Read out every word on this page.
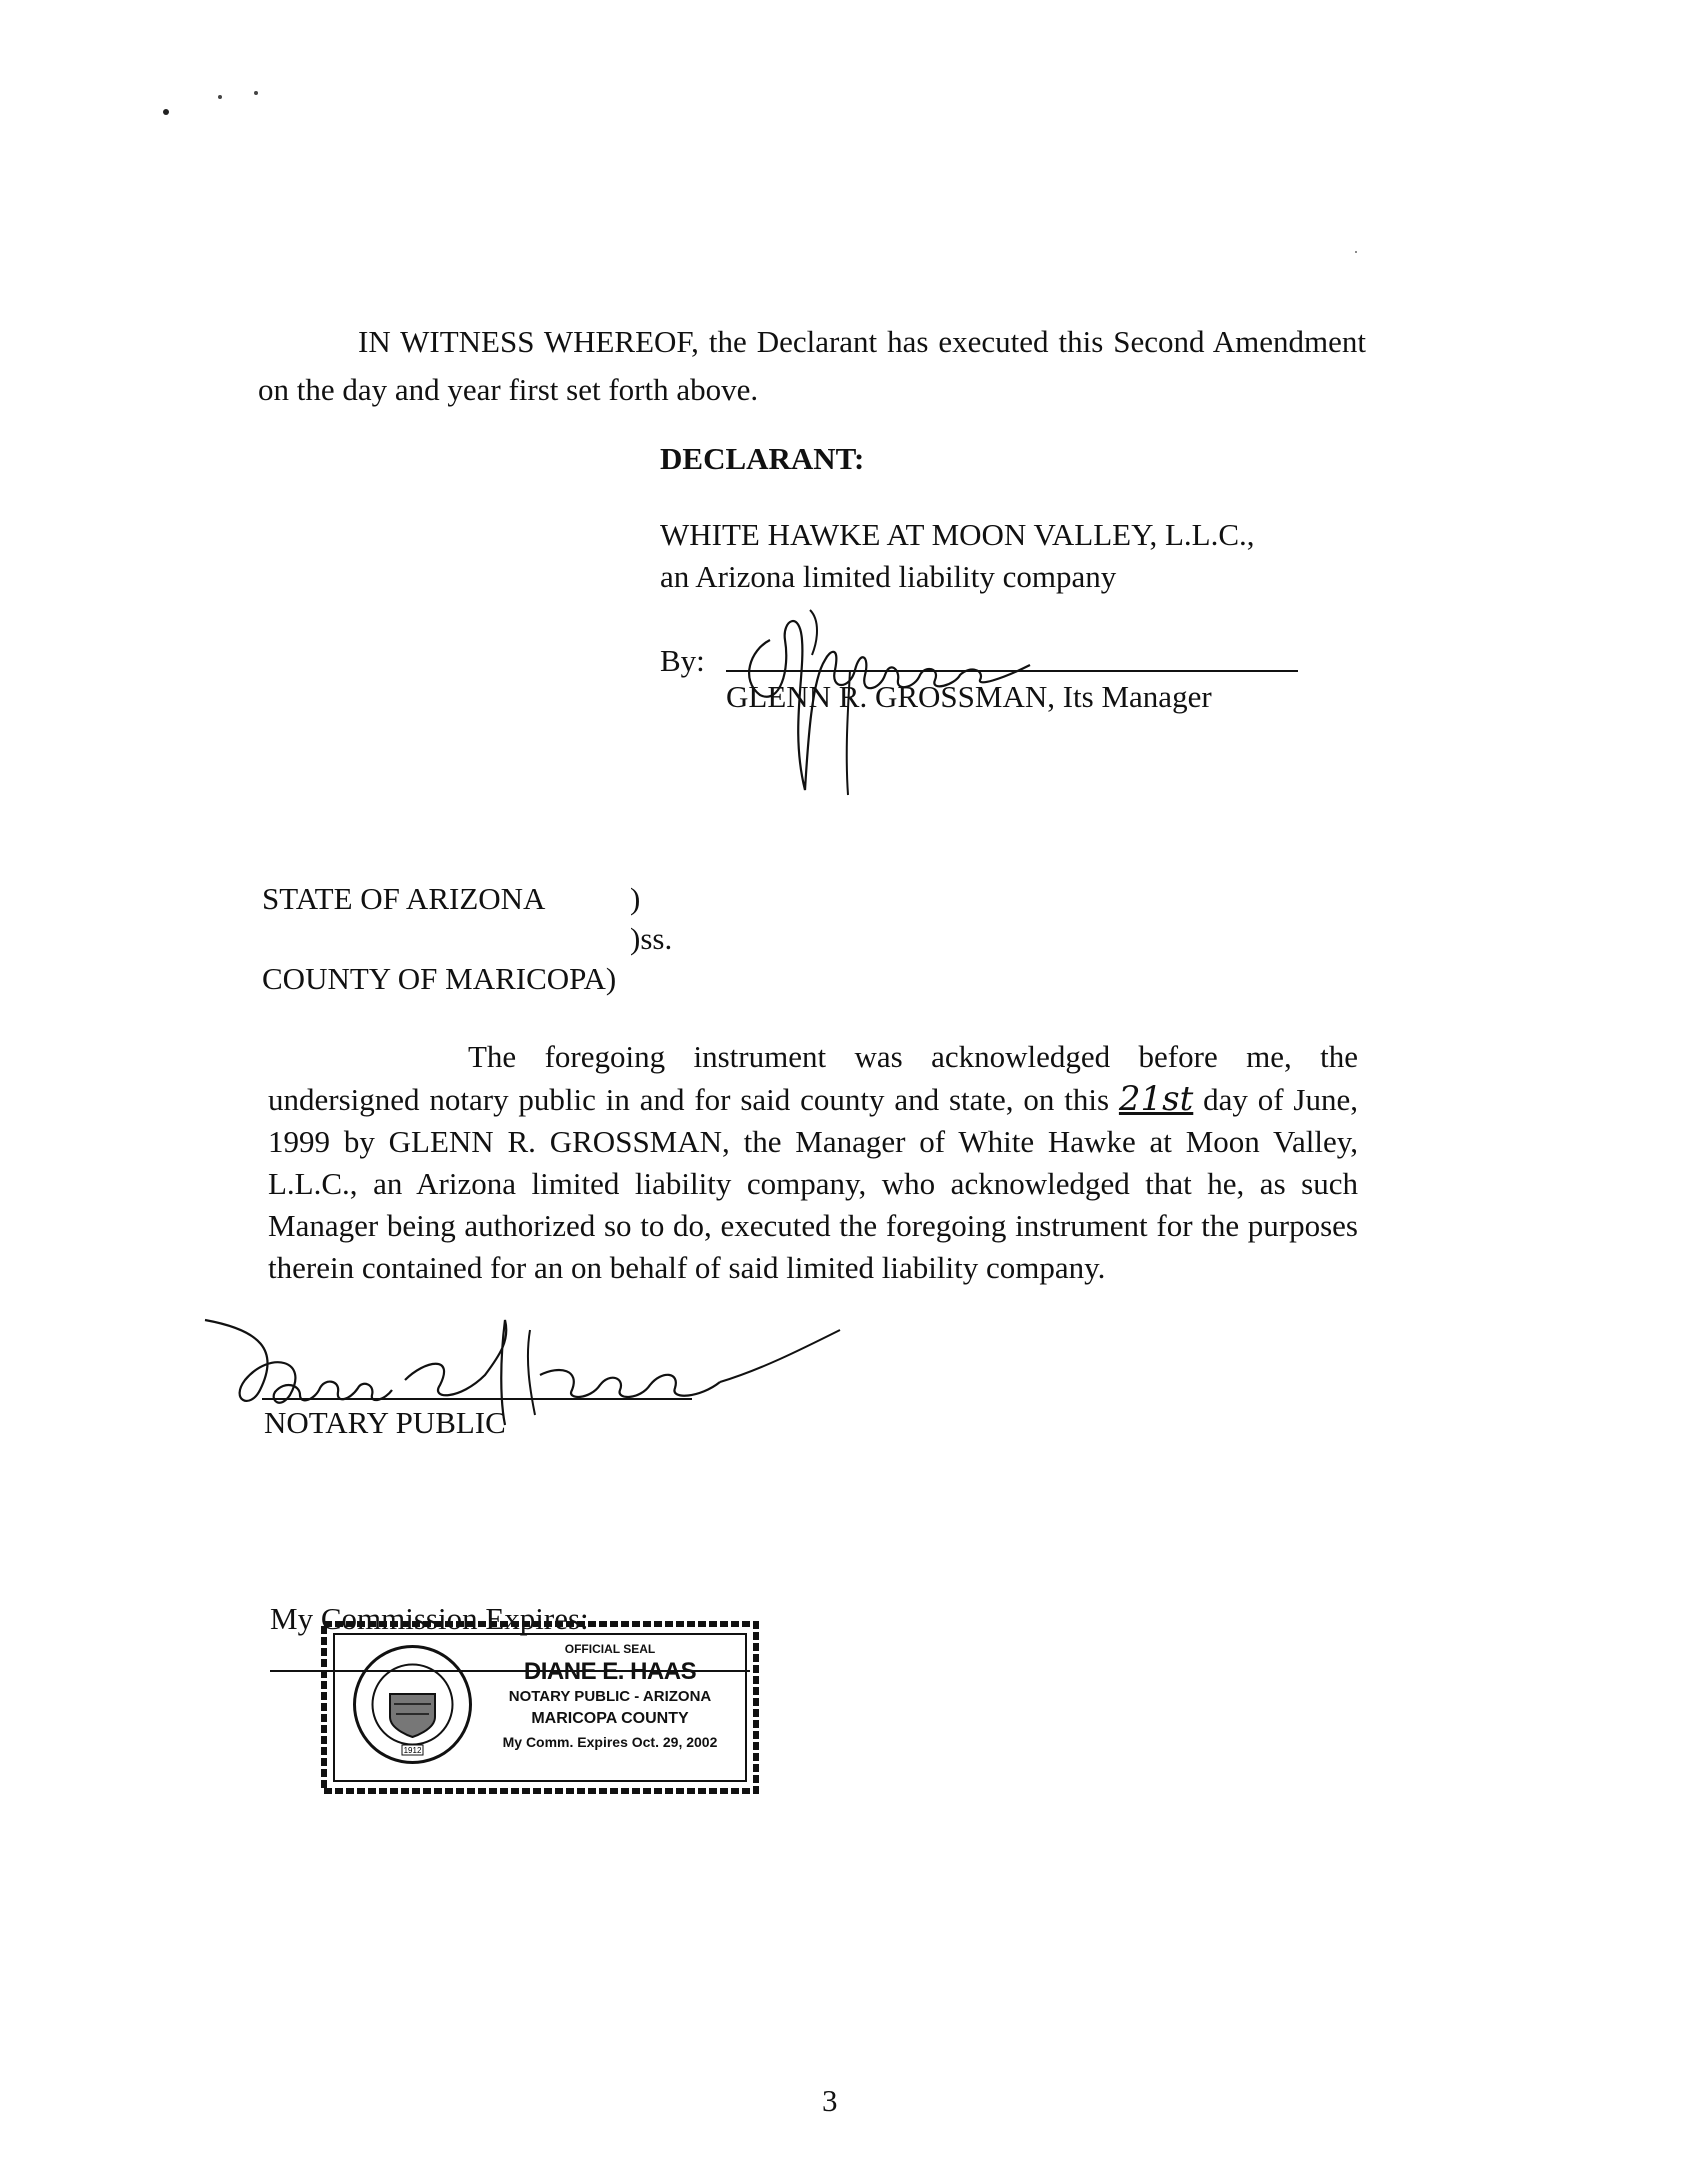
IN WITNESS WHEREOF, the Declarant has executed this Second Amendment on the day and year first set forth above.
DECLARANT:
WHITE HAWKE AT MOON VALLEY, L.L.C.,
an Arizona limited liability company
By:
GLENN R. GROSSMAN, Its Manager
STATE OF ARIZONA	)
)ss.
COUNTY OF MARICOPA)
The foregoing instrument was acknowledged before me, the undersigned notary public in and for said county and state, on this 21st day of June, 1999 by GLENN R. GROSSMAN, the Manager of White Hawke at Moon Valley, L.L.C., an Arizona limited liability company, who acknowledged that he, as such Manager being authorized so to do, executed the foregoing instrument for the purposes therein contained for an on behalf of said limited liability company.
NOTARY PUBLIC
My Commission Expires:
1912
OFFICIAL SEAL
DIANE E. HAAS
NOTARY PUBLIC - ARIZONA
MARICOPA COUNTY
My Comm. Expires Oct. 29, 2002
3
